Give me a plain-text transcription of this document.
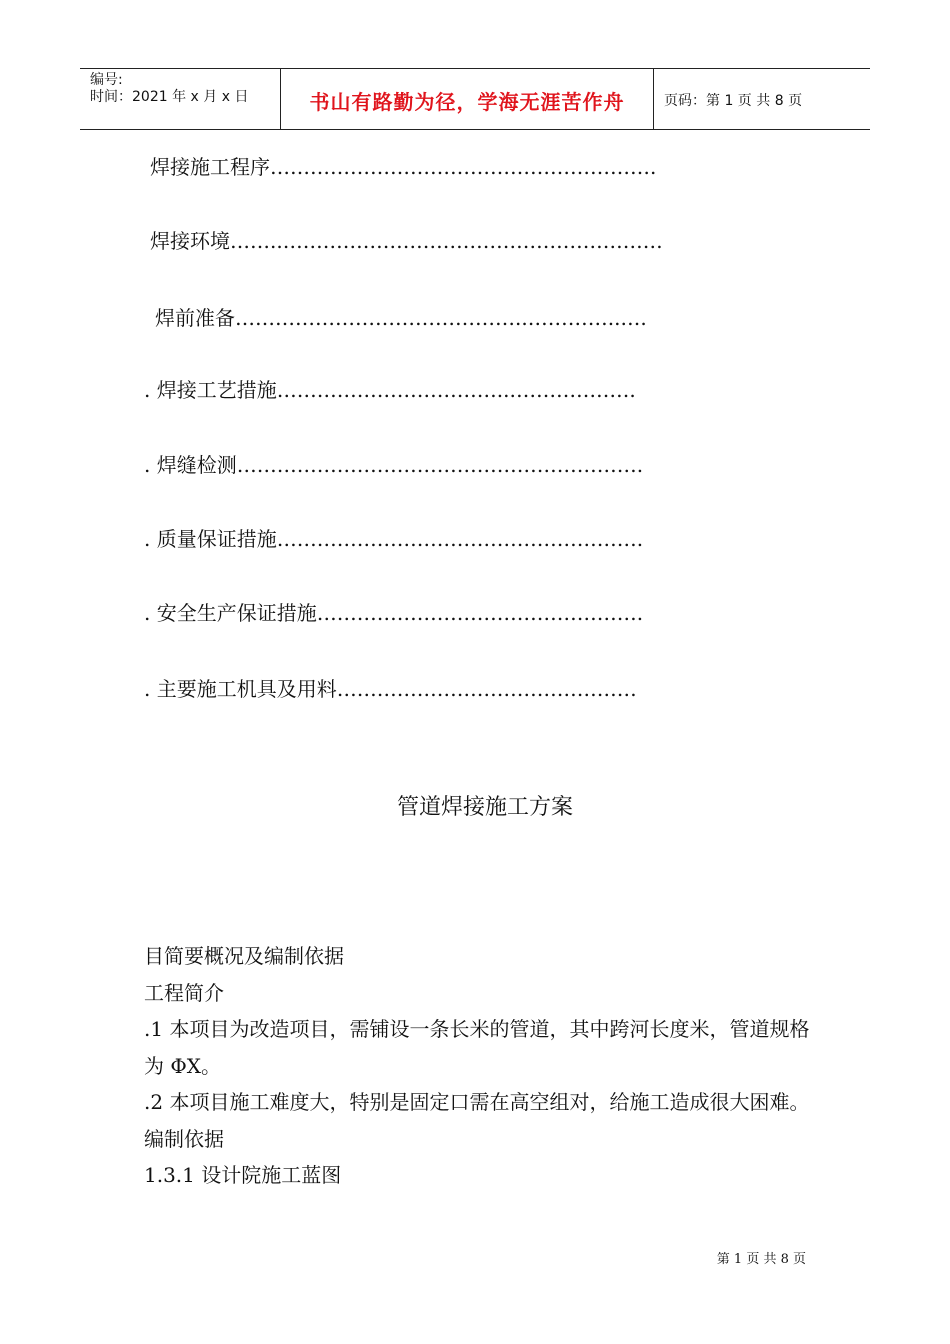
编号:
时间：2021 年 x 月 x 日	书山有路勤为径，学海无涯苦作舟	页码：第 1 页 共 8 页
焊接施工程序………………………………………………….
焊接环境……..…………………………………………………
焊前准备……………………………………..…………..….
. 焊接工艺措施……………………………..……………….
. 焊缝检测…………………………………………………….
. 质量保证措施……………………………………………….
. 安全生产保证措施………………………………………….
. 主要施工机具及用料………………………………………
管道焊接施工方案

目简要概况及编制依据

工程简介

.1 本项目为改造项目，需铺设一条长米的管道，其中跨河长度米，管道规格为 ΦⅩ。

.2 本项目施工难度大，特别是固定口需在高空组对，给施工造成很大困难。

编制依据

1.3.1 设计院施工蓝图

第 1 页 共 8 页
